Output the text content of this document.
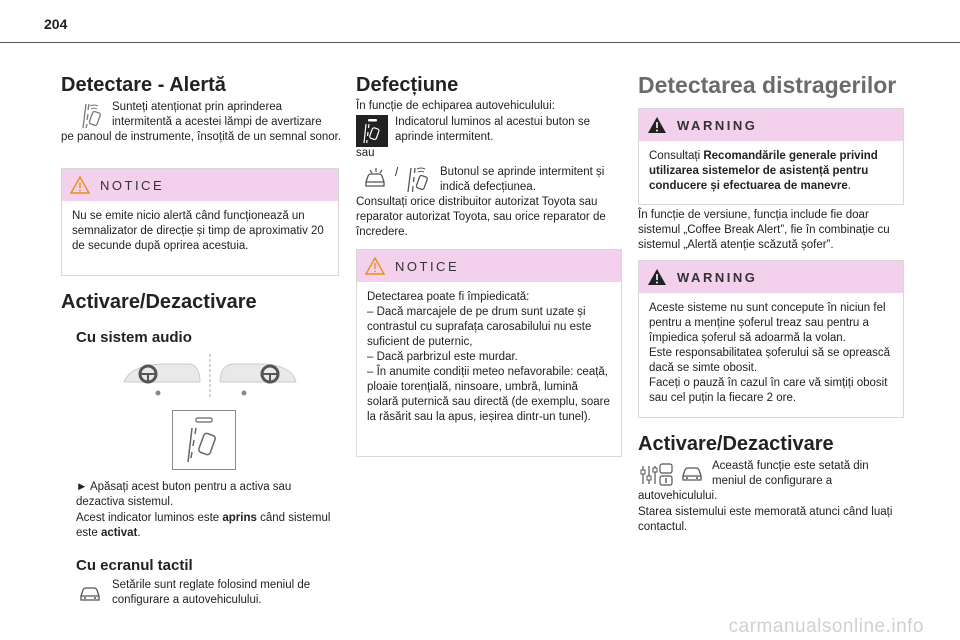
204
Detectare - Alertă
Sunteți atenționat prin aprinderea
intermitentă a acestei lămpi de avertizare
pe panoul de instrumente, însoțită de un semnal sonor.
NOTICE

Nu se emite nicio alertă când funcționează un semnalizator de direcție și timp de aproximativ 20 de secunde după oprirea acestuia.

Activare/Dezactivare
Cu sistem audio
► Apăsați acest buton pentru a activa sau dezactiva sistemul.
Acest indicator luminos este aprins când sistemul este activat.
Cu ecranul tactil
Setările sunt reglate folosind meniul de configurare a autovehiculului.
Defecțiune
În funcție de echiparea autovehiculului:
Indicatorul luminos al acestui buton se aprinde intermitent.
sau
/	Butonul se aprinde intermitent și indică defecțiunea.
Consultați orice distribuitor autorizat Toyota sau reparator autorizat Toyota, sau orice reparator de încredere.
NOTICE

Detectarea poate fi împiedicată:

– Dacă marcajele de pe drum sunt uzate și contrastul cu suprafața carosabilului nu este suficient de puternic,

– Dacă parbrizul este murdar.

– În anumite condiții meteo nefavorabile: ceață, ploaie torențială, ninsoare, umbră, lumină solară puternică sau directă (de exemplu, soare la răsărit sau la apus, ieșirea dintr-un tunel).

Detectarea distragerilor
WARNING

Consultați Recomandările generale privind utilizarea sistemelor de asistență pentru conducere și efectuarea de manevre.

În funcție de versiune, funcția include fie doar sistemul „Coffee Break Alert”, fie în combinație cu sistemul „Alertă atenție scăzută șofer”.
WARNING

Aceste sisteme nu sunt concepute în niciun fel pentru a menține șoferul treaz sau pentru a împiedica șoferul să adoarmă la volan.

Este responsabilitatea șoferului să se oprească dacă se simte obosit.

Faceți o pauză în cazul în care vă simțiți obosit sau cel puțin la fiecare 2 ore.

Activare/Dezactivare
Această funcție este setată din
meniul de configurare a
autovehiculului.
Starea sistemului este memorată atunci când luați contactul.
carmanualsonline.info
